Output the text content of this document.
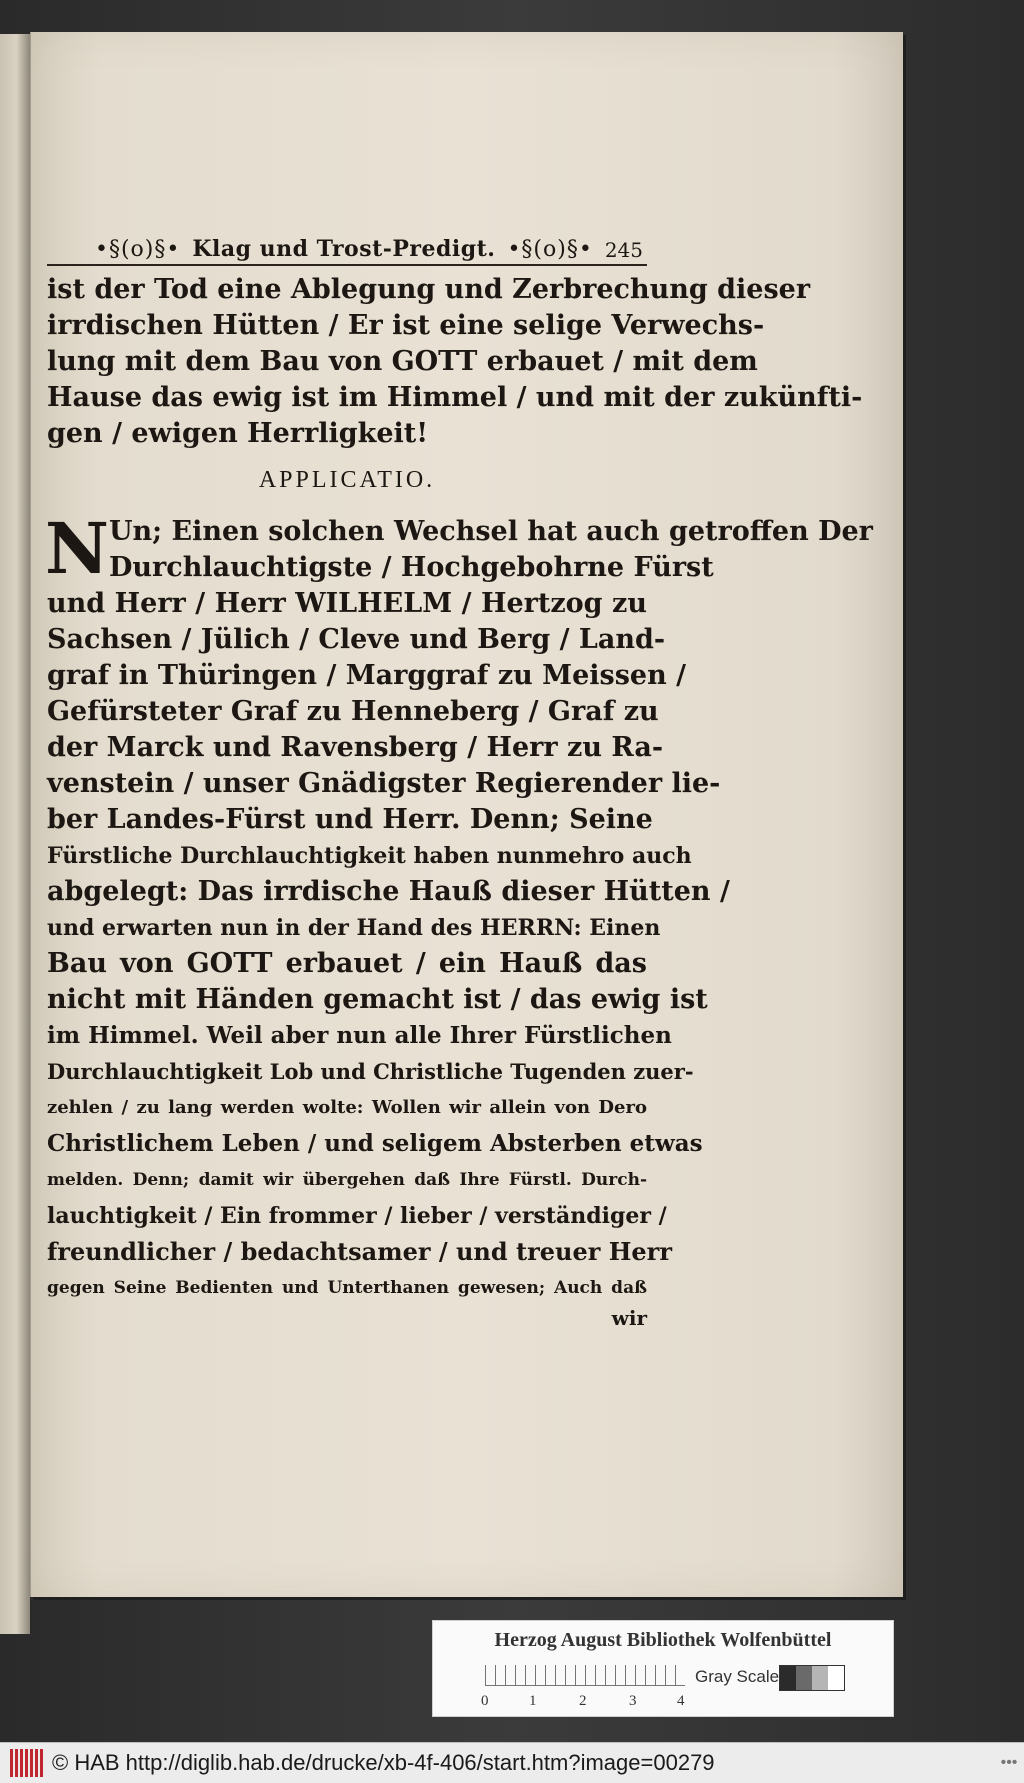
•§(o)§• Klag und Trost-Predigt. •§(o)§• 245
ist der Tod eine Ablegung und Zerbrechung dieser
irrdischen Hütten / Er ist eine selige Verwechs-
lung mit dem Bau von GOTT erbauet / mit dem
Hause das ewig ist im Himmel / und mit der zukünfti-
gen / ewigen Herrligkeit!
APPLICATIO.
N Un; Einen solchen Wechsel hat auch getroffen Der
Durchlauchtigste / Hochgebohrne Fürst
und Herr / Herr WILHELM / Hertzog zu
Sachsen / Jülich / Cleve und Berg / Land-
graf in Thüringen / Marggraf zu Meissen /
Gefürsteter Graf zu Henneberg / Graf zu
der Marck und Ravensberg / Herr zu Ra-
venstein / unser Gnädigster Regierender lie-
ber Landes-Fürst und Herr. Denn; Seine
Fürstliche Durchlauchtigkeit haben nunmehro auch
abgelegt: Das irrdische Hauß dieser Hütten /
und erwarten nun in der Hand des HERRN: Einen
Bau von GOTT erbauet / ein Hauß das
nicht mit Händen gemacht ist / das ewig ist
im Himmel. Weil aber nun alle Ihrer Fürstlichen
Durchlauchtigkeit Lob und Christliche Tugenden zuer-
zehlen / zu lang werden wolte: Wollen wir allein von Dero
Christlichem Leben / und seligem Absterben etwas
melden. Denn; damit wir übergehen daß Ihre Fürstl. Durch-
lauchtigkeit / Ein frommer / lieber / verständiger /
freundlicher / bedachtsamer / und treuer Herr
gegen Seine Bedienten und Unterthanen gewesen; Auch daß
wir
Herzog August Bibliothek Wolfenbüttel
0	1	2	3	4
Gray Scale
© HAB http://diglib.hab.de/drucke/xb-4f-406/start.htm?image=00279	•••
